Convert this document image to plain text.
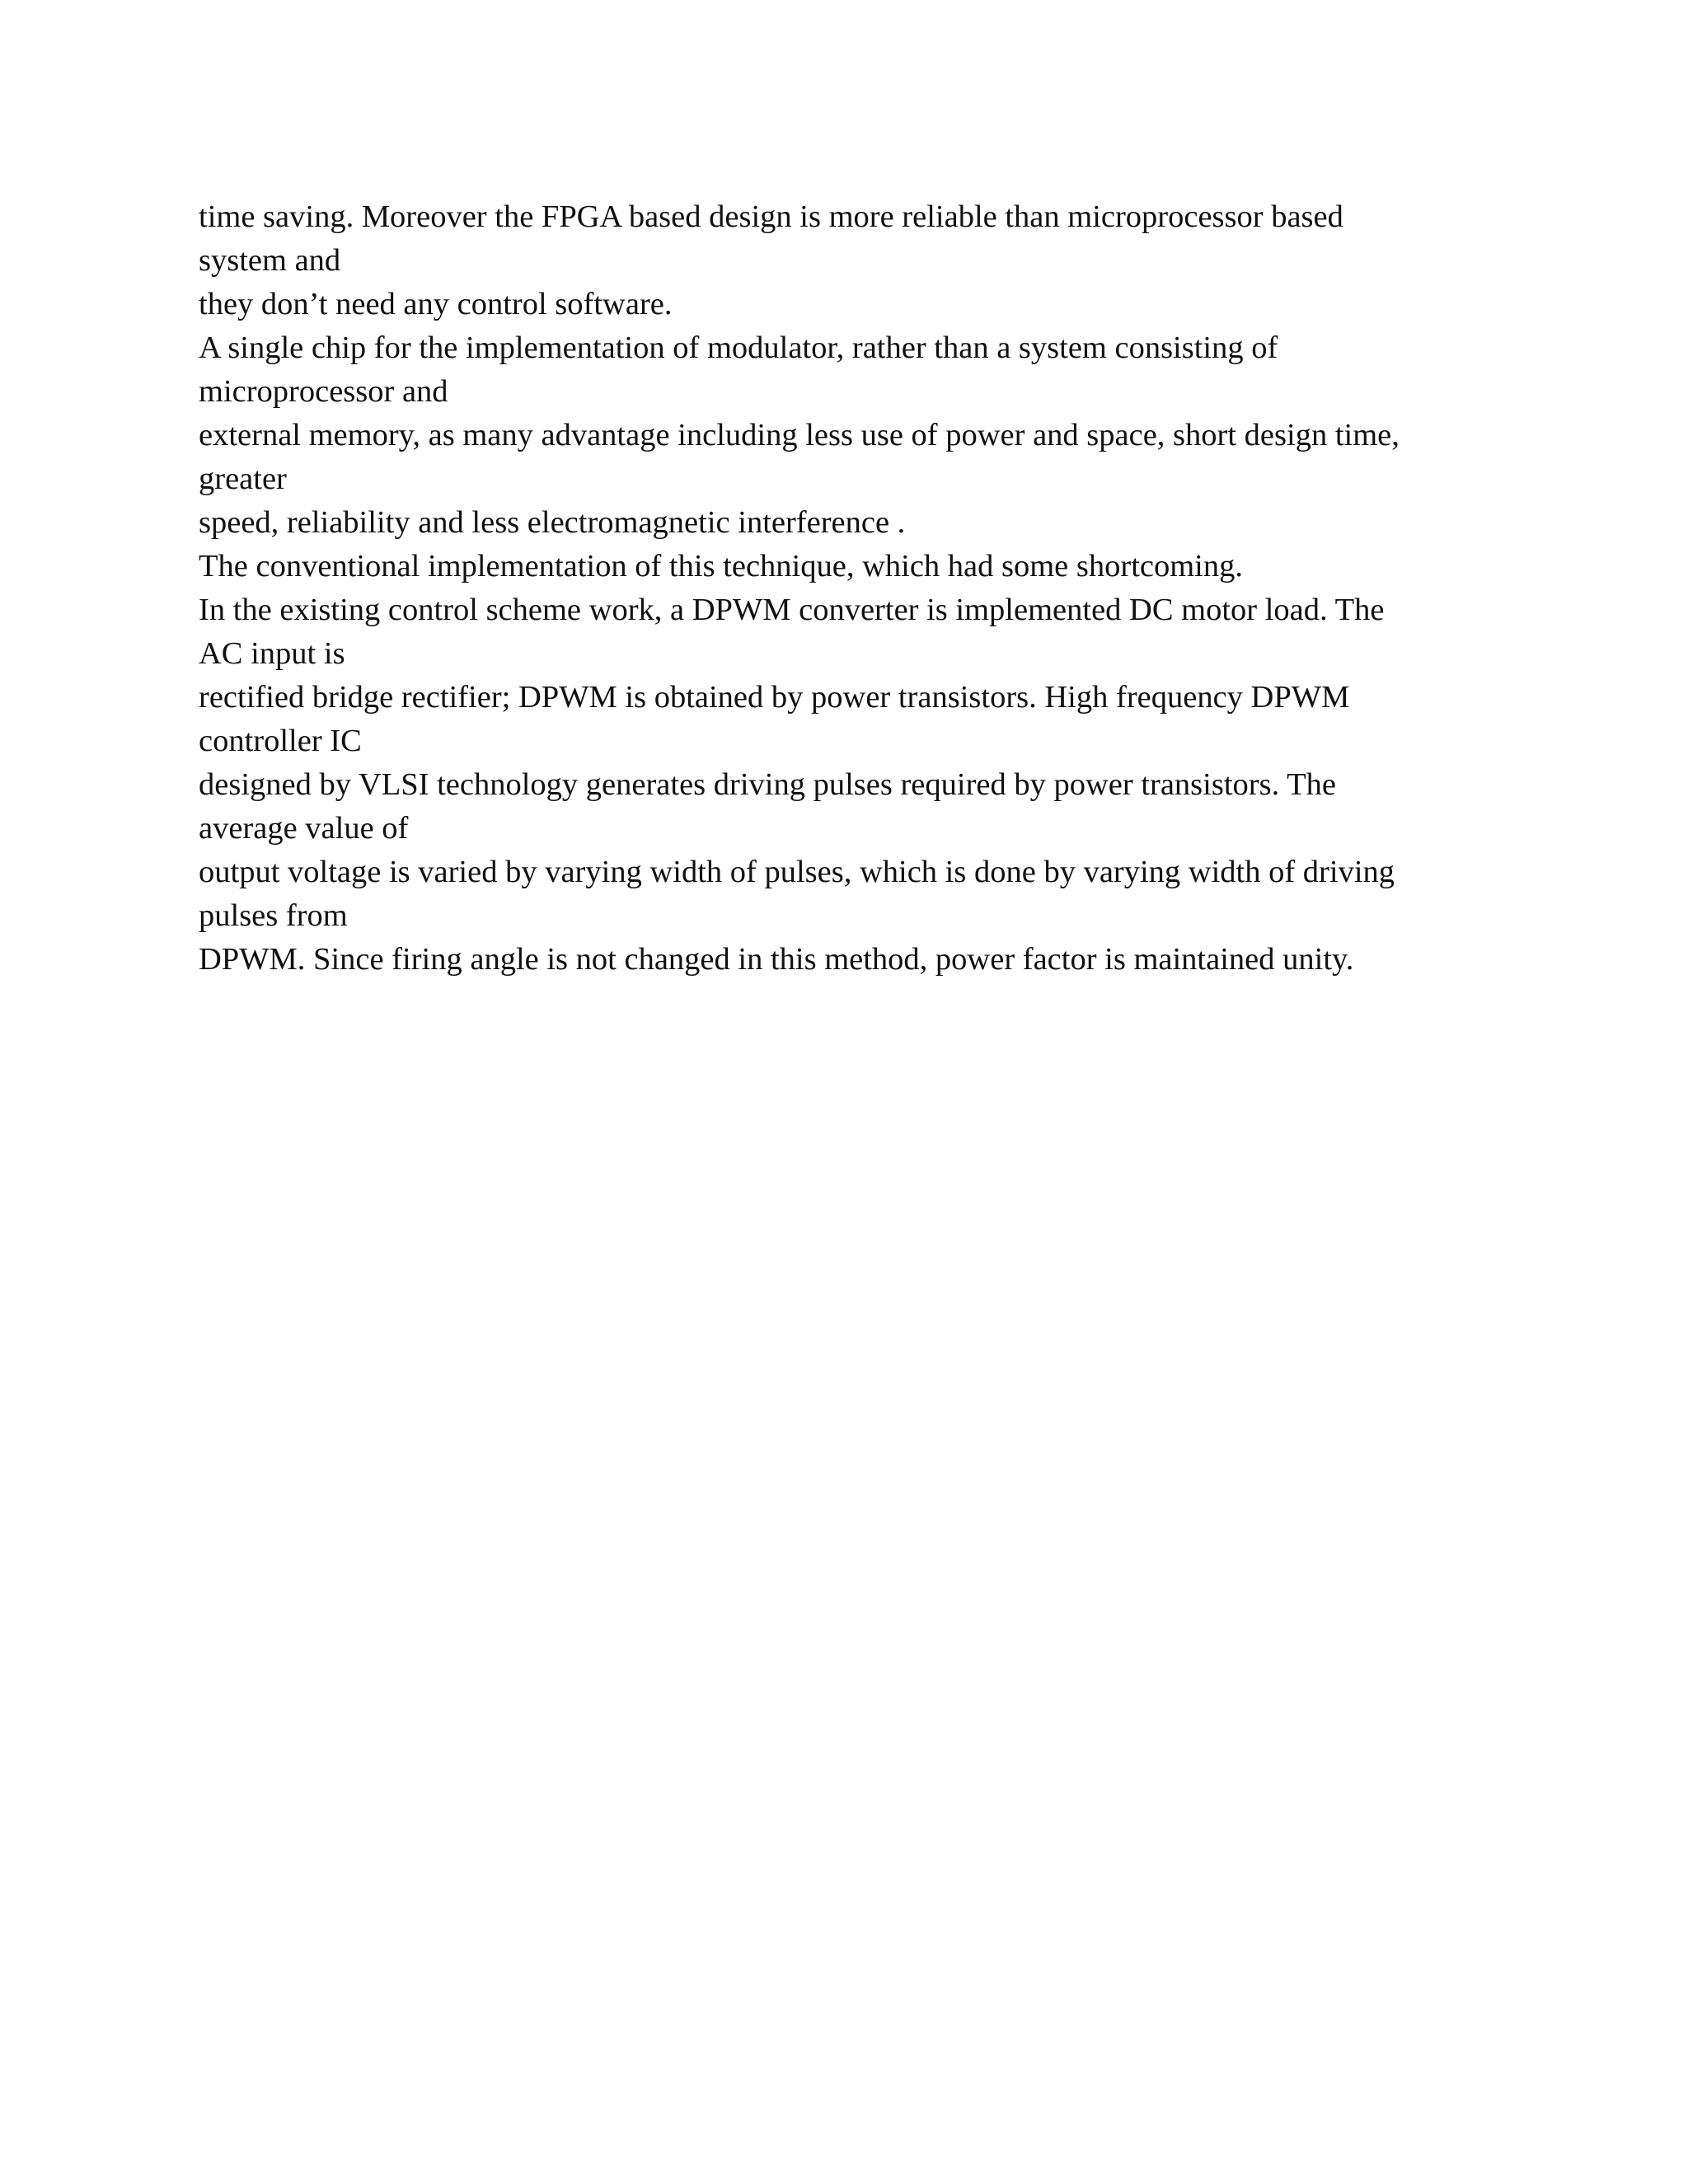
time saving. Moreover the FPGA based design is more reliable than microprocessor based
system and
they don’t need any control software.
A single chip for the implementation of modulator, rather than a system consisting of
microprocessor and
external memory, as many advantage including less use of power and space, short design time,
greater
speed, reliability and less electromagnetic interference .
The conventional implementation of this technique, which had some shortcoming.
In the existing control scheme work, a DPWM converter is implemented DC motor load. The
AC input is
rectified bridge rectifier; DPWM is obtained by power transistors. High frequency DPWM
controller IC
designed by VLSI technology generates driving pulses required by power transistors. The
average value of
output voltage is varied by varying width of pulses, which is done by varying width of driving
pulses from
DPWM. Since firing angle is not changed in this method, power factor is maintained unity.
